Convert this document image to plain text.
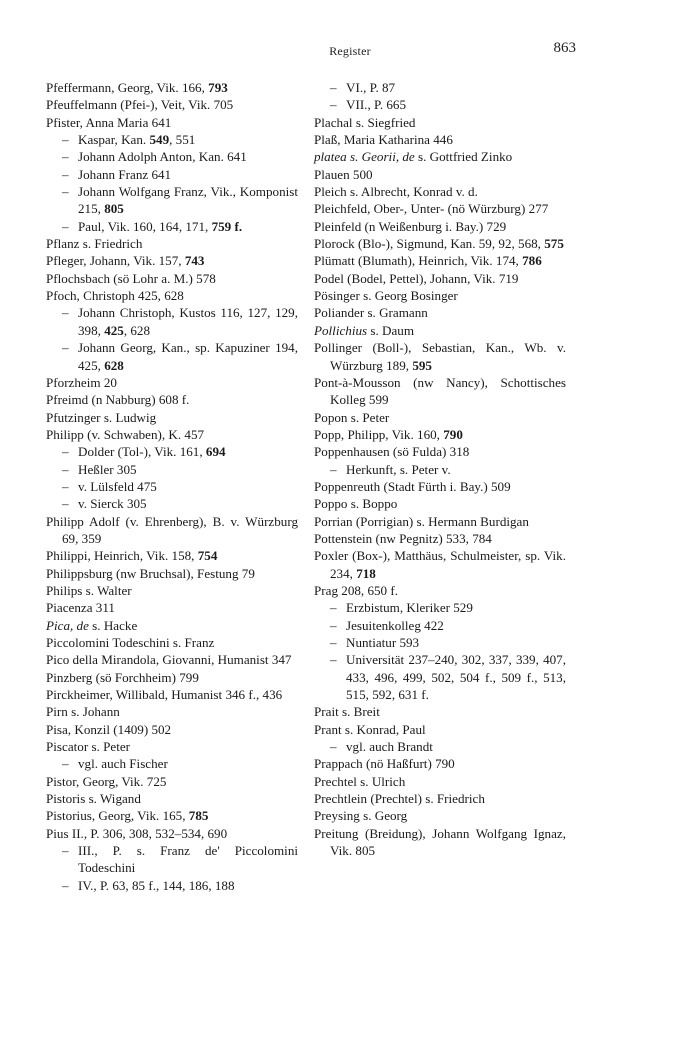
Register	863
Pfeffermann, Georg, Vik. 166, 793
Pfeuffelmann (Pfei-), Veit, Vik. 705
Pfister, Anna Maria 641
– Kaspar, Kan. 549, 551
– Johann Adolph Anton, Kan. 641
– Johann Franz 641
– Johann Wolfgang Franz, Vik., Komponist 215, 805
– Paul, Vik. 160, 164, 171, 759 f.
Pflanz s. Friedrich
Pfleger, Johann, Vik. 157, 743
Pflochsbach (sö Lohr a. M.) 578
Pfoch, Christoph 425, 628
– Johann Christoph, Kustos 116, 127, 129, 398, 425, 628
– Johann Georg, Kan., sp. Kapuziner 194, 425, 628
Pforzheim 20
Pfreimd (n Nabburg) 608 f.
Pfutzinger s. Ludwig
Philipp (v. Schwaben), K. 457
– Dolder (Tol-), Vik. 161, 694
– Heßler 305
– v. Lülsfeld 475
– v. Sierck 305
Philipp Adolf (v. Ehrenberg), B. v. Würzburg 69, 359
Philippi, Heinrich, Vik. 158, 754
Philippsburg (nw Bruchsal), Festung 79
Philips s. Walter
Piacenza 311
Pica, de s. Hacke
Piccolomini Todeschini s. Franz
Pico della Mirandola, Giovanni, Humanist 347
Pinzberg (sö Forchheim) 799
Pirckheimer, Willibald, Humanist 346 f., 436
Pirn s. Johann
Pisa, Konzil (1409) 502
Piscator s. Peter
– vgl. auch Fischer
Pistor, Georg, Vik. 725
Pistoris s. Wigand
Pistorius, Georg, Vik. 165, 785
Pius II., P. 306, 308, 532–534, 690
– III., P. s. Franz de' Piccolomini Todeschini
– IV., P. 63, 85 f., 144, 186, 188
– VI., P. 87
– VII., P. 665
Plachal s. Siegfried
Plaß, Maria Katharina 446
platea s. Georii, de s. Gottfried Zinko
Plauen 500
Pleich s. Albrecht, Konrad v. d.
Pleichfeld, Ober-, Unter- (nö Würzburg) 277
Pleinfeld (n Weißenburg i. Bay.) 729
Plorock (Blo-), Sigmund, Kan. 59, 92, 568, 575
Plümatt (Blumath), Heinrich, Vik. 174, 786
Podel (Bodel, Pettel), Johann, Vik. 719
Pösinger s. Georg Bosinger
Poliander s. Gramann
Pollichius s. Daum
Pollinger (Boll-), Sebastian, Kan., Wb. v. Würzburg 189, 595
Pont-à-Mousson (nw Nancy), Schottisches Kolleg 599
Popon s. Peter
Popp, Philipp, Vik. 160, 790
Poppenhausen (sö Fulda) 318
– Herkunft, s. Peter v.
Poppenreuth (Stadt Fürth i. Bay.) 509
Poppo s. Boppo
Porrian (Porrigian) s. Hermann Burdigan
Pottenstein (nw Pegnitz) 533, 784
Poxler (Box-), Matthäus, Schulmeister, sp. Vik. 234, 718
Prag 208, 650 f.
– Erzbistum, Kleriker 529
– Jesuitenkolleg 422
– Nuntiatur 593
– Universität 237–240, 302, 337, 339, 407, 433, 496, 499, 502, 504 f., 509 f., 513, 515, 592, 631 f.
Prait s. Breit
Prant s. Konrad, Paul
– vgl. auch Brandt
Prappach (nö Haßfurt) 790
Prechtel s. Ulrich
Prechtlein (Prechtel) s. Friedrich
Preysing s. Georg
Preitung (Breidung), Johann Wolfgang Ignaz, Vik. 805
